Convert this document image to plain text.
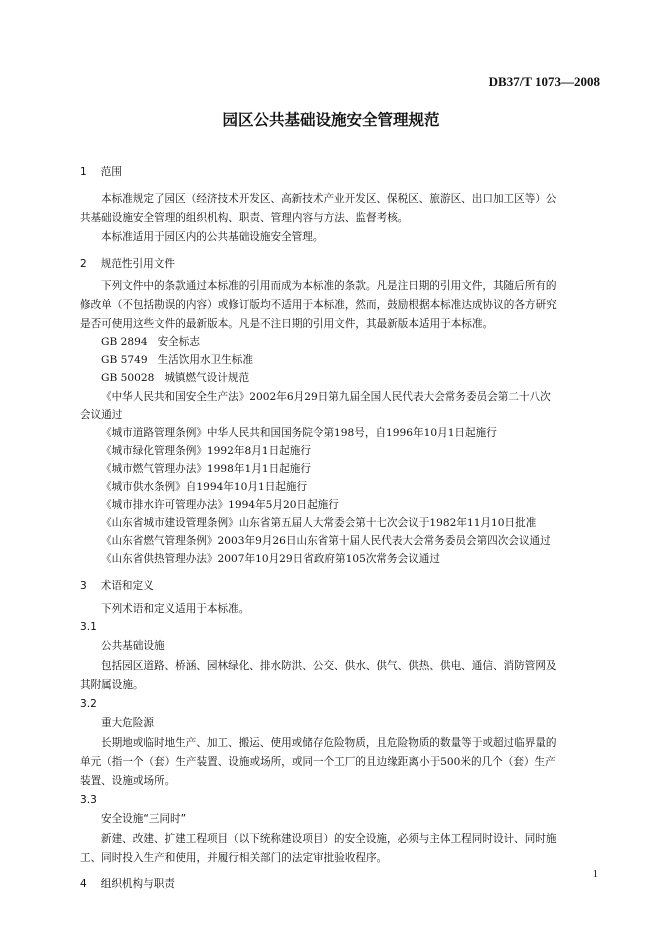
DB37/T 1073—2008
园区公共基础设施安全管理规范
1 范围
本标准规定了园区（经济技术开发区、高新技术产业开发区、保税区、旅游区、出口加工区等）公
共基础设施安全管理的组织机构、职责、管理内容与方法、监督考核。
本标准适用于园区内的公共基础设施安全管理。
2 规范性引用文件
下列文件中的条款通过本标准的引用而成为本标准的条款。凡是注日期的引用文件，其随后所有的
修改单（不包括勘误的内容）或修订版均不适用于本标准，然而，鼓励根据本标准达成协议的各方研究
是否可使用这些文件的最新版本。凡是不注日期的引用文件，其最新版本适用于本标准。
GB 2894 安全标志
GB 5749 生活饮用水卫生标准
GB 50028 城镇燃气设计规范
《中华人民共和国安全生产法》2002年6月29日第九届全国人民代表大会常务委员会第二十八次
会议通过
《城市道路管理条例》中华人民共和国国务院令第198号，自1996年10月1日起施行
《城市绿化管理条例》1992年8月1日起施行
《城市燃气管理办法》1998年1月1日起施行
《城市供水条例》自1994年10月1日起施行
《城市排水许可管理办法》1994年5月20日起施行
《山东省城市建设管理条例》山东省第五届人大常委会第十七次会议于1982年11月10日批准
《山东省燃气管理条例》2003年9月26日山东省第十届人民代表大会常务委员会第四次会议通过
《山东省供热管理办法》2007年10月29日省政府第105次常务会议通过
3 术语和定义
下列术语和定义适用于本标准。
3.1
公共基础设施
包括园区道路、桥涵、园林绿化、排水防洪、公交、供水、供气、供热、供电、通信、消防管网及
其附属设施。
3.2
重大危险源
长期地或临时地生产、加工、搬运、使用或储存危险物质，且危险物质的数量等于或超过临界量的
单元（指一个（套）生产装置、设施或场所，或同一个工厂的且边缘距离小于500米的几个（套）生产
装置、设施或场所。
3.3
安全设施“三同时”
新建、改建、扩建工程项目（以下统称建设项目）的安全设施，必须与主体工程同时设计、同时施
工、同时投入生产和使用，并履行相关部门的法定审批验收程序。
4 组织机构与职责
1
